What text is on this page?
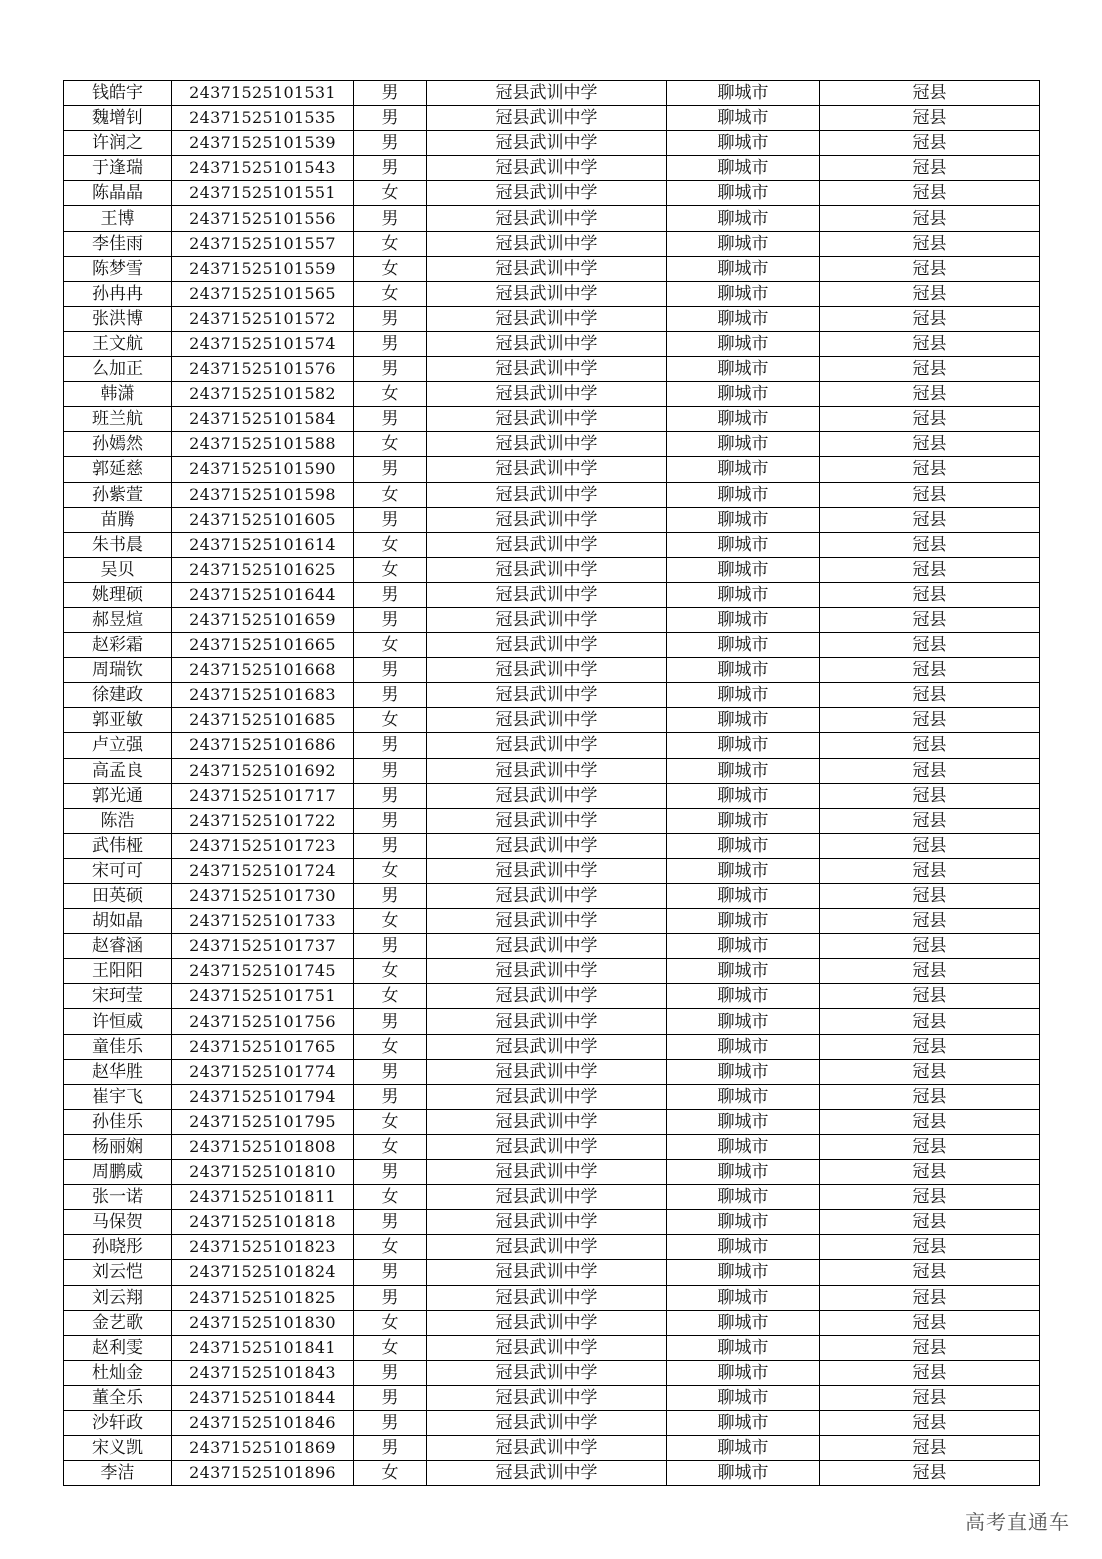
钱皓宇	24371525101531	男	冠县武训中学	聊城市	冠县
魏增钊	24371525101535	男	冠县武训中学	聊城市	冠县
许润之	24371525101539	男	冠县武训中学	聊城市	冠县
于逢瑞	24371525101543	男	冠县武训中学	聊城市	冠县
陈晶晶	24371525101551	女	冠县武训中学	聊城市	冠县
王博	24371525101556	男	冠县武训中学	聊城市	冠县
李佳雨	24371525101557	女	冠县武训中学	聊城市	冠县
陈梦雪	24371525101559	女	冠县武训中学	聊城市	冠县
孙冉冉	24371525101565	女	冠县武训中学	聊城市	冠县
张洪博	24371525101572	男	冠县武训中学	聊城市	冠县
王文航	24371525101574	男	冠县武训中学	聊城市	冠县
么加正	24371525101576	男	冠县武训中学	聊城市	冠县
韩潇	24371525101582	女	冠县武训中学	聊城市	冠县
班兰航	24371525101584	男	冠县武训中学	聊城市	冠县
孙嫣然	24371525101588	女	冠县武训中学	聊城市	冠县
郭延慈	24371525101590	男	冠县武训中学	聊城市	冠县
孙紫萱	24371525101598	女	冠县武训中学	聊城市	冠县
苗腾	24371525101605	男	冠县武训中学	聊城市	冠县
朱书晨	24371525101614	女	冠县武训中学	聊城市	冠县
吴贝	24371525101625	女	冠县武训中学	聊城市	冠县
姚理硕	24371525101644	男	冠县武训中学	聊城市	冠县
郝昱煊	24371525101659	男	冠县武训中学	聊城市	冠县
赵彩霜	24371525101665	女	冠县武训中学	聊城市	冠县
周瑞钦	24371525101668	男	冠县武训中学	聊城市	冠县
徐建政	24371525101683	男	冠县武训中学	聊城市	冠县
郭亚敏	24371525101685	女	冠县武训中学	聊城市	冠县
卢立强	24371525101686	男	冠县武训中学	聊城市	冠县
高孟良	24371525101692	男	冠县武训中学	聊城市	冠县
郭光通	24371525101717	男	冠县武训中学	聊城市	冠县
陈浩	24371525101722	男	冠县武训中学	聊城市	冠县
武伟桠	24371525101723	男	冠县武训中学	聊城市	冠县
宋可可	24371525101724	女	冠县武训中学	聊城市	冠县
田英硕	24371525101730	男	冠县武训中学	聊城市	冠县
胡如晶	24371525101733	女	冠县武训中学	聊城市	冠县
赵睿涵	24371525101737	男	冠县武训中学	聊城市	冠县
王阳阳	24371525101745	女	冠县武训中学	聊城市	冠县
宋珂莹	24371525101751	女	冠县武训中学	聊城市	冠县
许恒威	24371525101756	男	冠县武训中学	聊城市	冠县
童佳乐	24371525101765	女	冠县武训中学	聊城市	冠县
赵华胜	24371525101774	男	冠县武训中学	聊城市	冠县
崔宇飞	24371525101794	男	冠县武训中学	聊城市	冠县
孙佳乐	24371525101795	女	冠县武训中学	聊城市	冠县
杨丽娴	24371525101808	女	冠县武训中学	聊城市	冠县
周鹏威	24371525101810	男	冠县武训中学	聊城市	冠县
张一诺	24371525101811	女	冠县武训中学	聊城市	冠县
马保贺	24371525101818	男	冠县武训中学	聊城市	冠县
孙晓彤	24371525101823	女	冠县武训中学	聊城市	冠县
刘云恺	24371525101824	男	冠县武训中学	聊城市	冠县
刘云翔	24371525101825	男	冠县武训中学	聊城市	冠县
金艺歌	24371525101830	女	冠县武训中学	聊城市	冠县
赵利雯	24371525101841	女	冠县武训中学	聊城市	冠县
杜灿金	24371525101843	男	冠县武训中学	聊城市	冠县
董全乐	24371525101844	男	冠县武训中学	聊城市	冠县
沙轩政	24371525101846	男	冠县武训中学	聊城市	冠县
宋义凯	24371525101869	男	冠县武训中学	聊城市	冠县
李洁	24371525101896	女	冠县武训中学	聊城市	冠县
高考直通车
